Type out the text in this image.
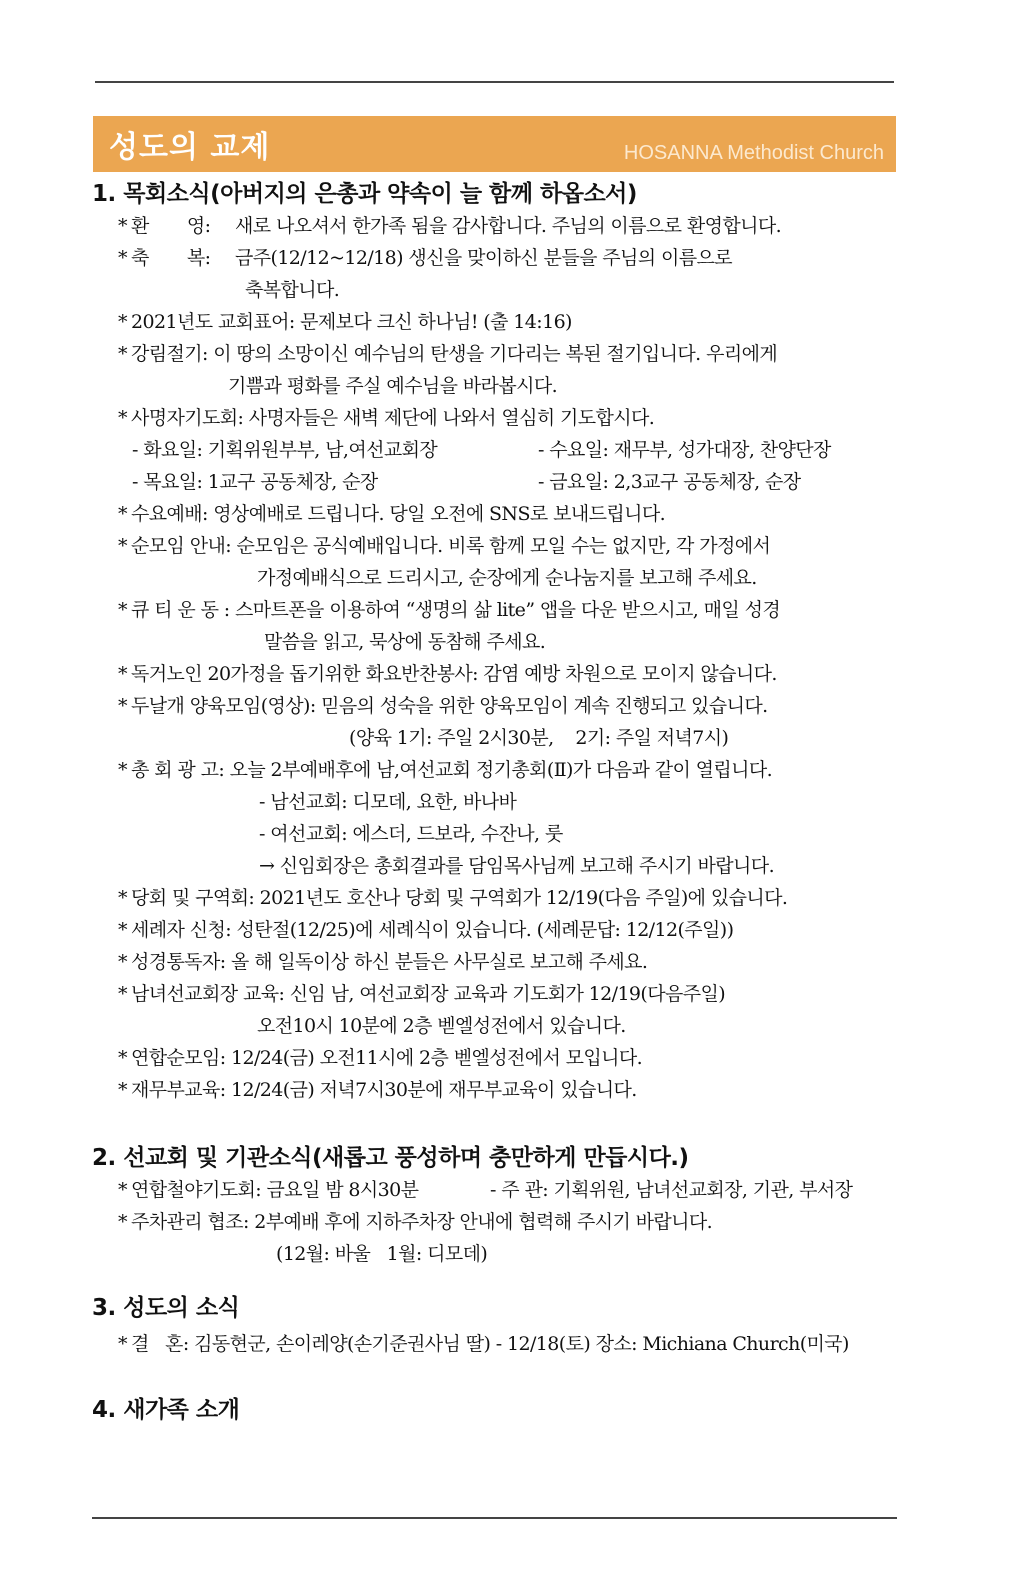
성도의 교제	HOSANNA Methodist Church
1. 목회소식(아버지의 은총과 약속이 늘 함께 하옵소서)
* 환       영: 새로 나오셔서 한가족 됨을 감사합니다. 주님의 이름으로 환영합니다.
* 축       복: 금주(12/12~12/18) 생신을 맞이하신 분들을 주님의 이름으로
축복합니다.
* 2021년도 교회표어: 문제보다 크신 하나님! (출 14:16)
* 강림절기: 이 땅의 소망이신 예수님의 탄생을 기다리는 복된 절기입니다. 우리에게
기쁨과 평화를 주실 예수님을 바라봅시다.
* 사명자기도회: 사명자들은 새벽 제단에 나와서 열심히 기도합시다.
- 화요일: 기획위원부부, 남,여선교회장	- 수요일: 재무부, 성가대장, 찬양단장
- 목요일: 1교구 공동체장, 순장	- 금요일: 2,3교구 공동체장, 순장
* 수요예배: 영상예배로 드립니다. 당일 오전에 SNS로 보내드립니다.
* 순모임 안내: 순모임은 공식예배입니다. 비록 함께 모일 수는 없지만, 각 가정에서
가정예배식으로 드리시고, 순장에게 순나눔지를 보고해 주세요.
* 큐 티 운 동 : 스마트폰을 이용하여 “생명의 삶 lite” 앱을 다운 받으시고, 매일 성경
말씀을 읽고, 묵상에 동참해 주세요.
* 독거노인 20가정을 돕기위한 화요반찬봉사: 감염 예방 차원으로 모이지 않습니다.
* 두날개 양육모임(영상): 믿음의 성숙을 위한 양육모임이 계속 진행되고 있습니다.
(양육 1기: 주일 2시30분,    2기: 주일 저녁7시)
* 총 회 광 고: 오늘 2부예배후에 남,여선교회 정기총회(Ⅱ)가 다음과 같이 열립니다.
- 남선교회: 디모데, 요한, 바나바
- 여선교회: 에스더, 드보라, 수잔나, 룻
→ 신임회장은 총회결과를 담임목사님께 보고해 주시기 바랍니다.
* 당회 및 구역회: 2021년도 호산나 당회 및 구역회가 12/19(다음 주일)에 있습니다.
* 세례자 신청: 성탄절(12/25)에 세례식이 있습니다. (세례문답: 12/12(주일))
* 성경통독자: 올 해 일독이상 하신 분들은 사무실로 보고해 주세요.
* 남녀선교회장 교육: 신임 남, 여선교회장 교육과 기도회가 12/19(다음주일)
오전10시 10분에 2층 벧엘성전에서 있습니다.
* 연합순모임: 12/24(금) 오전11시에 2층 벧엘성전에서 모입니다.
* 재무부교육: 12/24(금) 저녁7시30분에 재무부교육이 있습니다.
2. 선교회 및 기관소식(새롭고 풍성하며 충만하게 만듭시다.)
* 연합철야기도회: 금요일 밤 8시30분	- 주 관: 기획위원, 남녀선교회장, 기관, 부서장
* 주차관리 협조: 2부예배 후에 지하주차장 안내에 협력해 주시기 바랍니다.
(12월: 바울   1월: 디모데)
3. 성도의 소식
* 결   혼: 김동현군, 손이레양(손기준권사님 딸) - 12/18(토) 장소: Michiana Church(미국)
4. 새가족 소개
